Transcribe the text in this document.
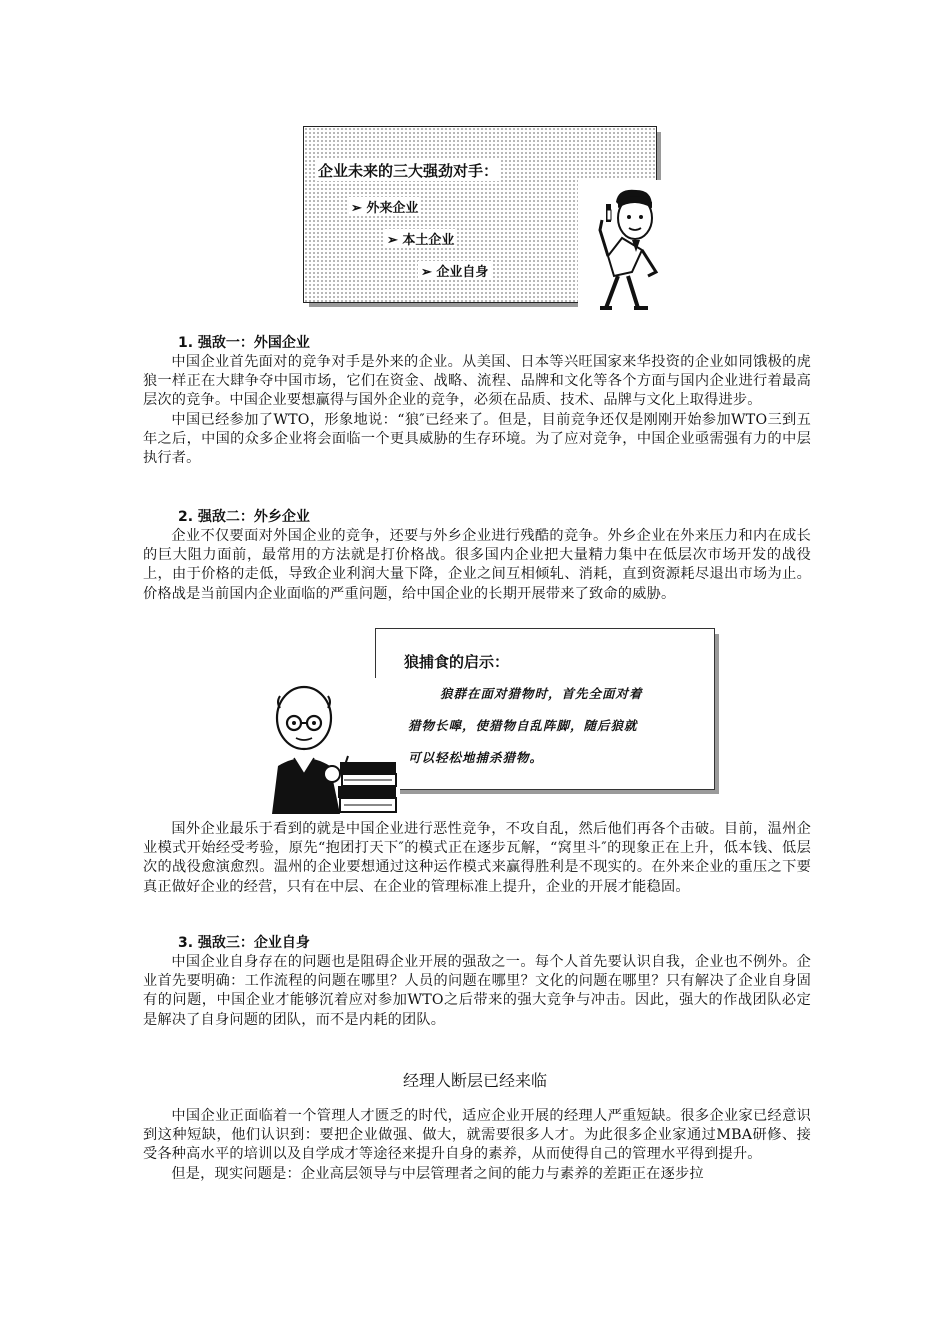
企业未来的三大强劲对手：
➢ 外来企业
➢ 本土企业
➢ 企业自身
1. 强敌一：外国企业

中国企业首先面对的竞争对手是外来的企业。从美国、日本等兴旺国家来华投资的企业如同饿极的虎狼一样正在大肆争夺中国市场，它们在资金、战略、流程、品牌和文化等各个方面与国内企业进行着最高层次的竞争。中国企业要想赢得与国外企业的竞争，必须在品质、技术、品牌与文化上取得进步。

中国已经参加了WTO，形象地说：“狼″已经来了。但是，目前竞争还仅是刚刚开始参加WTO三到五年之后，中国的众多企业将会面临一个更具威胁的生存环境。为了应对竞争，中国企业亟需强有力的中层执行者。

2. 强敌二：外乡企业

企业不仅要面对外国企业的竞争，还要与外乡企业进行残酷的竞争。外乡企业在外来压力和内在成长的巨大阻力面前，最常用的方法就是打价格战。很多国内企业把大量精力集中在低层次市场开发的战役上，由于价格的走低，导致企业利润大量下降，企业之间互相倾轧、消耗，直到资源耗尽退出市场为止。价格战是当前国内企业面临的严重问题，给中国企业的长期开展带来了致命的威胁。

狼捕食的启示：
狼群在面对猎物时，首先全面对着
猎物长嗥，使猎物自乱阵脚，随后狼就
可以轻松地捕杀猎物。

国外企业最乐于看到的就是中国企业进行恶性竞争，不攻自乱，然后他们再各个击破。目前，温州企业模式开始经受考验，原先“抱团打天下″的模式正在逐步瓦解，“窝里斗″的现象正在上升，低本钱、低层次的战役愈演愈烈。温州的企业要想通过这种运作模式来赢得胜利是不现实的。在外来企业的重压之下要真正做好企业的经营，只有在中层、在企业的管理标准上提升，企业的开展才能稳固。

3. 强敌三：企业自身

中国企业自身存在的问题也是阻碍企业开展的强敌之一。每个人首先要认识自我，企业也不例外。企业首先要明确：工作流程的问题在哪里？人员的问题在哪里？文化的问题在哪里？只有解决了企业自身固有的问题，中国企业才能够沉着应对参加WTO之后带来的强大竞争与冲击。因此，强大的作战团队必定是解决了自身问题的团队，而不是内耗的团队。

经理人断层已经来临

中国企业正面临着一个管理人才匮乏的时代，适应企业开展的经理人严重短缺。很多企业家已经意识到这种短缺，他们认识到：要把企业做强、做大，就需要很多人才。为此很多企业家通过MBA研修、接受各种高水平的培训以及自学成才等途径来提升自身的素养，从而使得自己的管理水平得到提升。

但是，现实问题是：企业高层领导与中层管理者之间的能力与素养的差距正在逐步拉
